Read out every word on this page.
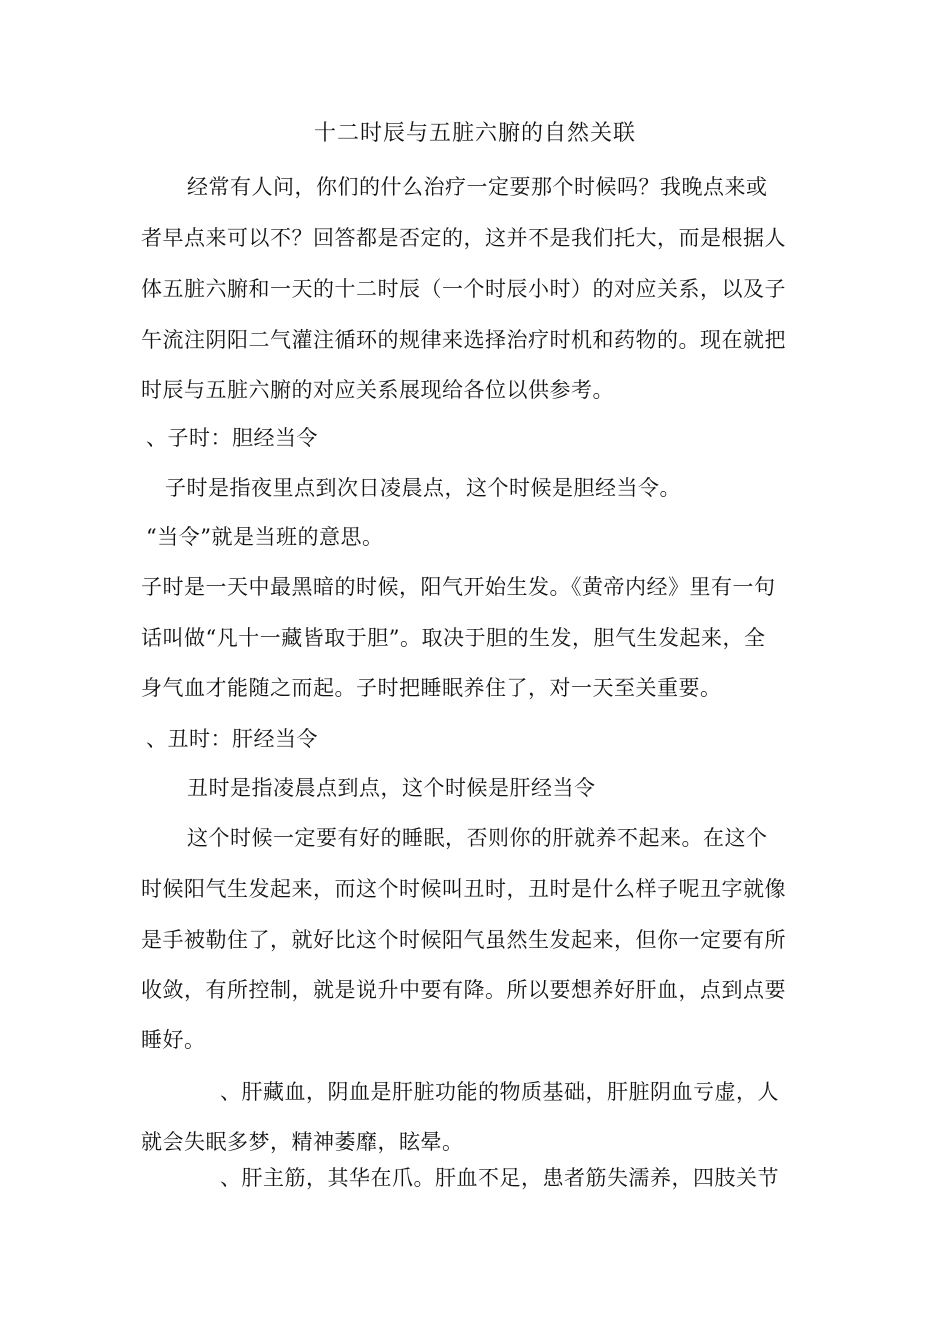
十二时辰与五脏六腑的自然关联
经常有人问，你们的什么治疗一定要那个时候吗？我晚点来或
者早点来可以不？回答都是否定的，这并不是我们托大，而是根据人
体五脏六腑和一天的十二时辰（一个时辰小时）的对应关系，以及子
午流注阴阳二气灌注循环的规律来选择治疗时机和药物的。现在就把
时辰与五脏六腑的对应关系展现给各位以供参考。
、子时：胆经当令
子时是指夜里点到次日凌晨点，这个时候是胆经当令。
“当令”就是当班的意思。
子时是一天中最黑暗的时候，阳气开始生发。《黄帝内经》里有一句
话叫做“凡十一藏皆取于胆”。取决于胆的生发，胆气生发起来，全
身气血才能随之而起。子时把睡眠养住了，对一天至关重要。
、丑时：肝经当令
丑时是指凌晨点到点，这个时候是肝经当令
这个时候一定要有好的睡眠，否则你的肝就养不起来。在这个
时候阳气生发起来，而这个时候叫丑时，丑时是什么样子呢丑字就像
是手被勒住了，就好比这个时候阳气虽然生发起来，但你一定要有所
收敛，有所控制，就是说升中要有降。所以要想养好肝血，点到点要
睡好。
、肝藏血，阴血是肝脏功能的物质基础，肝脏阴血亏虚，人
就会失眠多梦，精神萎靡，眩晕。
、肝主筋，其华在爪。肝血不足，患者筋失濡养，四肢关节
